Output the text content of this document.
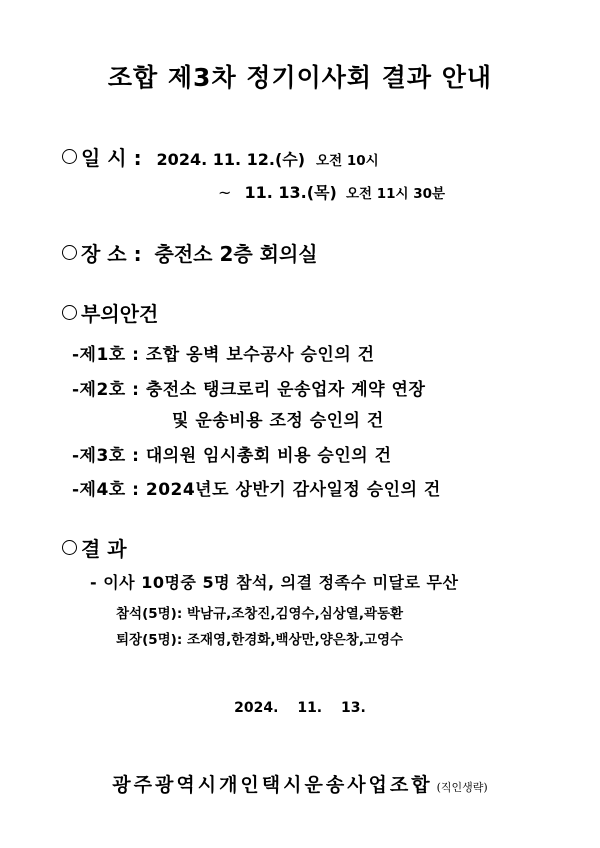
조합 제3차 정기이사회 결과 안내
일 시 : 2024. 11. 12.(수) 오전 10시
~ 11. 13.(목) 오전 11시 30분
장 소 : 충전소 2층 회의실
부의안건
-제1호 : 조합 옹벽 보수공사 승인의 건
-제2호 : 충전소 탱크로리 운송업자 계약 연장
및 운송비용 조정 승인의 건
-제3호 : 대의원 임시총회 비용 승인의 건
-제4호 : 2024년도 상반기 감사일정 승인의 건
결 과
- 이사 10명중 5명 참석, 의결 정족수 미달로 무산
참석(5명): 박남규,조창진,김영수,심상열,곽동환
퇴장(5명): 조재영,한경화,백상만,양은창,고영수
2024. 11. 13.
광주광역시개인택시운송사업조합 (직인생략)
